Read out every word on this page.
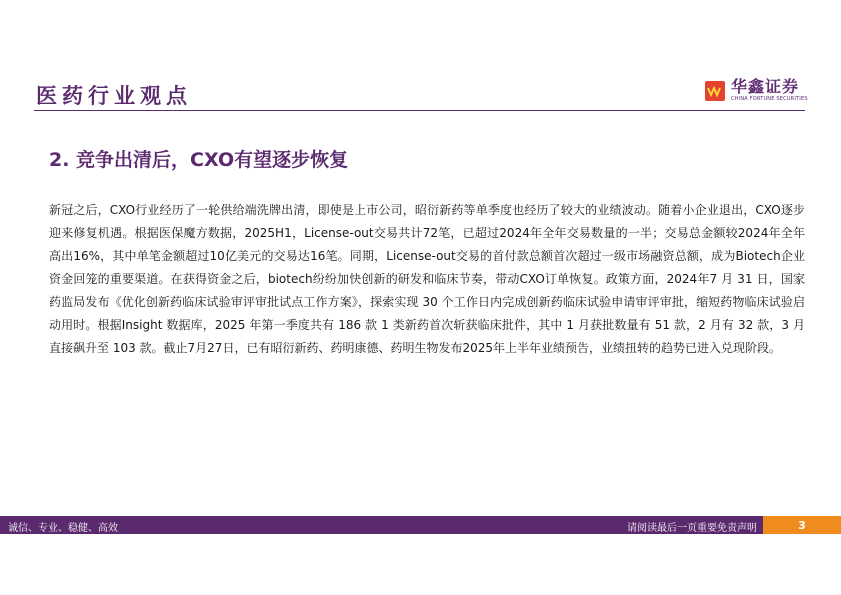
医药行业观点	华鑫证券
CHINA FORTUNE SECURITIES
2. 竞争出清后，CXO有望逐步恢复

新冠之后，CXO行业经历了一轮供给端洗牌出清，即使是上市公司，昭衍新药等单季度也经历了较大的业绩波动。随着小企业退出，CXO逐步迎来修复机遇。根据医保魔方数据，2025H1，License-out交易共计72笔，已超过2024年全年交易数量的一半；交易总金额较2024年全年高出16%，其中单笔金额超过10亿美元的交易达16笔。同期，License-out交易的首付款总额首次超过一级市场融资总额，成为Biotech企业资金回笼的重要渠道。在获得资金之后，biotech纷纷加快创新的研发和临床节奏，带动CXO订单恢复。政策方面，2024年7 月 31 日，国家药监局发布《优化创新药临床试验审评审批试点工作方案》，探索实现 30 个工作日内完成创新药临床试验申请审评审批，缩短药物临床试验启动用时。根据Insight 数据库，2025 年第一季度共有 186 款 1 类新药首次斩获临床批件，其中 1 月获批数量有 51 款，2 月有 32 款，3 月直接飙升至 103 款。截止7月27日，已有昭衍新药、药明康德、药明生物发布2025年上半年业绩预告，业绩扭转的趋势已进入兑现阶段。

诚信、专业、稳健、高效	请阅读最后一页重要免责声明	3
